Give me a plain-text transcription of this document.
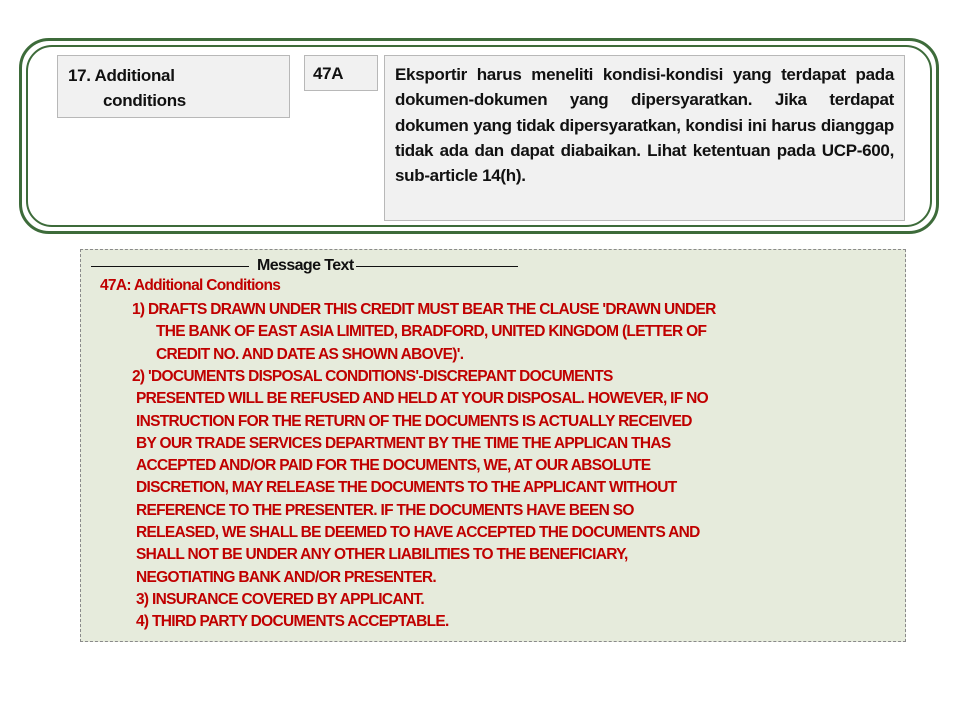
17. Additional
conditions
47A	Eksportir harus meneliti kondisi-kondisi yang terdapat pada dokumen-dokumen yang dipersyaratkan. Jika terdapat dokumen yang tidak dipersyaratkan, kondisi ini harus dianggap tidak ada dan dapat diabaikan. Lihat ketentuan pada UCP-600, sub-article 14(h).
Message Text
47A: Additional Conditions
1) DRAFTS DRAWN UNDER THIS CREDIT MUST BEAR THE CLAUSE 'DRAWN UNDER
THE BANK OF EAST ASIA LIMITED, BRADFORD, UNITED KINGDOM (LETTER OF
CREDIT NO. AND DATE AS SHOWN ABOVE)'.
2) 'DOCUMENTS DISPOSAL CONDITIONS'-DISCREPANT DOCUMENTS
PRESENTED WILL BE REFUSED AND HELD AT YOUR DISPOSAL. HOWEVER, IF NO
INSTRUCTION FOR THE RETURN OF THE DOCUMENTS IS ACTUALLY RECEIVED
BY OUR TRADE SERVICES DEPARTMENT BY THE TIME THE APPLICAN THAS
ACCEPTED AND/OR PAID FOR THE DOCUMENTS, WE, AT OUR ABSOLUTE
DISCRETION, MAY RELEASE THE DOCUMENTS TO THE APPLICANT WITHOUT
REFERENCE TO THE PRESENTER. IF THE DOCUMENTS HAVE BEEN SO
RELEASED, WE SHALL BE DEEMED TO HAVE ACCEPTED THE DOCUMENTS AND
SHALL NOT BE UNDER ANY OTHER LIABILITIES TO THE BENEFICIARY,
NEGOTIATING BANK AND/OR PRESENTER.
3) INSURANCE COVERED BY APPLICANT.
4) THIRD PARTY DOCUMENTS ACCEPTABLE.
